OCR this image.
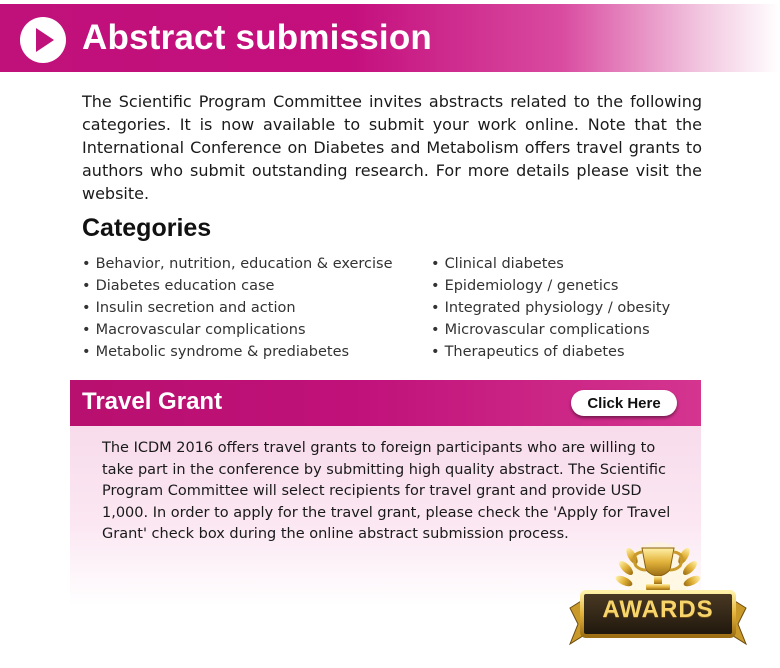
Abstract submission
The Scientific Program Committee invites abstracts related to the following categories. It is now available to submit your work online. Note that the International Conference on Diabetes and Metabolism offers travel grants to authors who submit outstanding research. For more details please visit the website.
Categories
• Behavior, nutrition, education & exercise
• Diabetes education case
• Insulin secretion and action
• Macrovascular complications
• Metabolic syndrome & prediabetes
• Clinical diabetes
• Epidemiology / genetics
• Integrated physiology / obesity
• Microvascular complications
• Therapeutics of diabetes
Travel Grant	Click Here
The ICDM 2016 offers travel grants to foreign participants who are willing to take part in the conference by submitting high quality abstract. The Scientific Program Committee will select recipients for travel grant and provide USD 1,000. In order to apply for the travel grant, please check the 'Apply for Travel Grant' check box during the online abstract submission process.
AWARDS
